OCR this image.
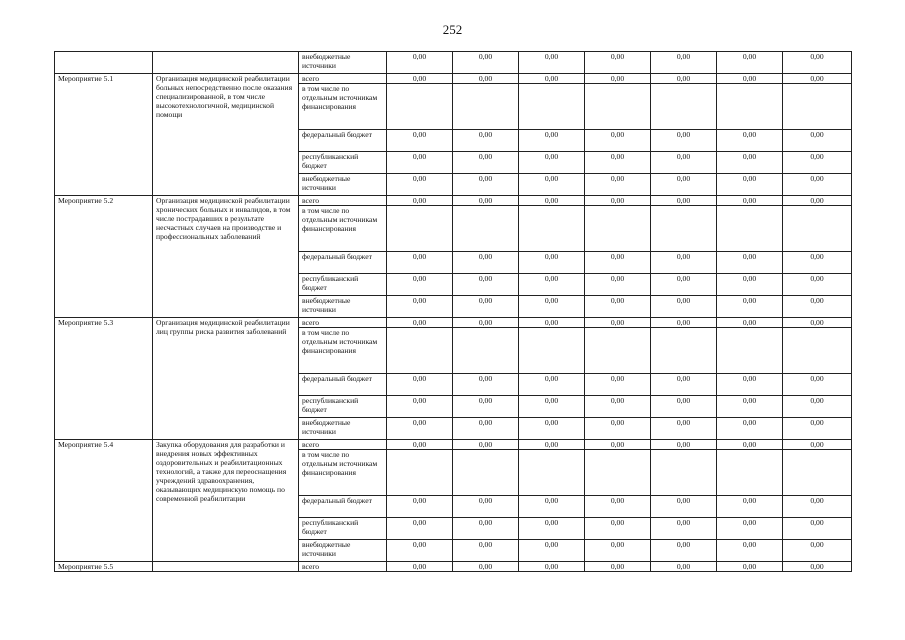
252
		внебюджетные источники	0,00	0,00	0,00	0,00	0,00	0,00	0,00
Мероприятие 5.1	Организация медицинской реабилитации больных непосредственно после оказания специализированной, в том числе высокотехнологичной, медицинской помощи	всего	0,00	0,00	0,00	0,00	0,00	0,00	0,00
		в том числе по отдельным источникам финансирования							
		федеральный бюджет	0,00	0,00	0,00	0,00	0,00	0,00	0,00
		республиканский бюджет	0,00	0,00	0,00	0,00	0,00	0,00	0,00
		внебюджетные источники	0,00	0,00	0,00	0,00	0,00	0,00	0,00
Мероприятие 5.2	Организация медицинской реабилитации хронических больных и инвалидов, в том числе пострадавших в результате несчастных случаев на производстве и профессиональных заболеваний	всего	0,00	0,00	0,00	0,00	0,00	0,00	0,00
		в том числе по отдельным источникам финансирования							
		федеральный бюджет	0,00	0,00	0,00	0,00	0,00	0,00	0,00
		республиканский бюджет	0,00	0,00	0,00	0,00	0,00	0,00	0,00
		внебюджетные источники	0,00	0,00	0,00	0,00	0,00	0,00	0,00
Мероприятие 5.3	Организация медицинской реабилитации лиц группы риска развития заболеваний	всего	0,00	0,00	0,00	0,00	0,00	0,00	0,00
		в том числе по отдельным источникам финансирования							
		федеральный бюджет	0,00	0,00	0,00	0,00	0,00	0,00	0,00
		республиканский бюджет	0,00	0,00	0,00	0,00	0,00	0,00	0,00
		внебюджетные источники	0,00	0,00	0,00	0,00	0,00	0,00	0,00
Мероприятие 5.4	Закупка оборудования для разработки и внедрения новых эффективных оздоровительных и реабилитационных технологий, а также для переоснащения учреждений здравоохранения, оказывающих медицинскую помощь по современной реабилитации	всего	0,00	0,00	0,00	0,00	0,00	0,00	0,00
		в том числе по отдельным источникам финансирования							
		федеральный бюджет	0,00	0,00	0,00	0,00	0,00	0,00	0,00
		республиканский бюджет	0,00	0,00	0,00	0,00	0,00	0,00	0,00
		внебюджетные источники	0,00	0,00	0,00	0,00	0,00	0,00	0,00
Мероприятие 5.5		всего	0,00	0,00	0,00	0,00	0,00	0,00	0,00
